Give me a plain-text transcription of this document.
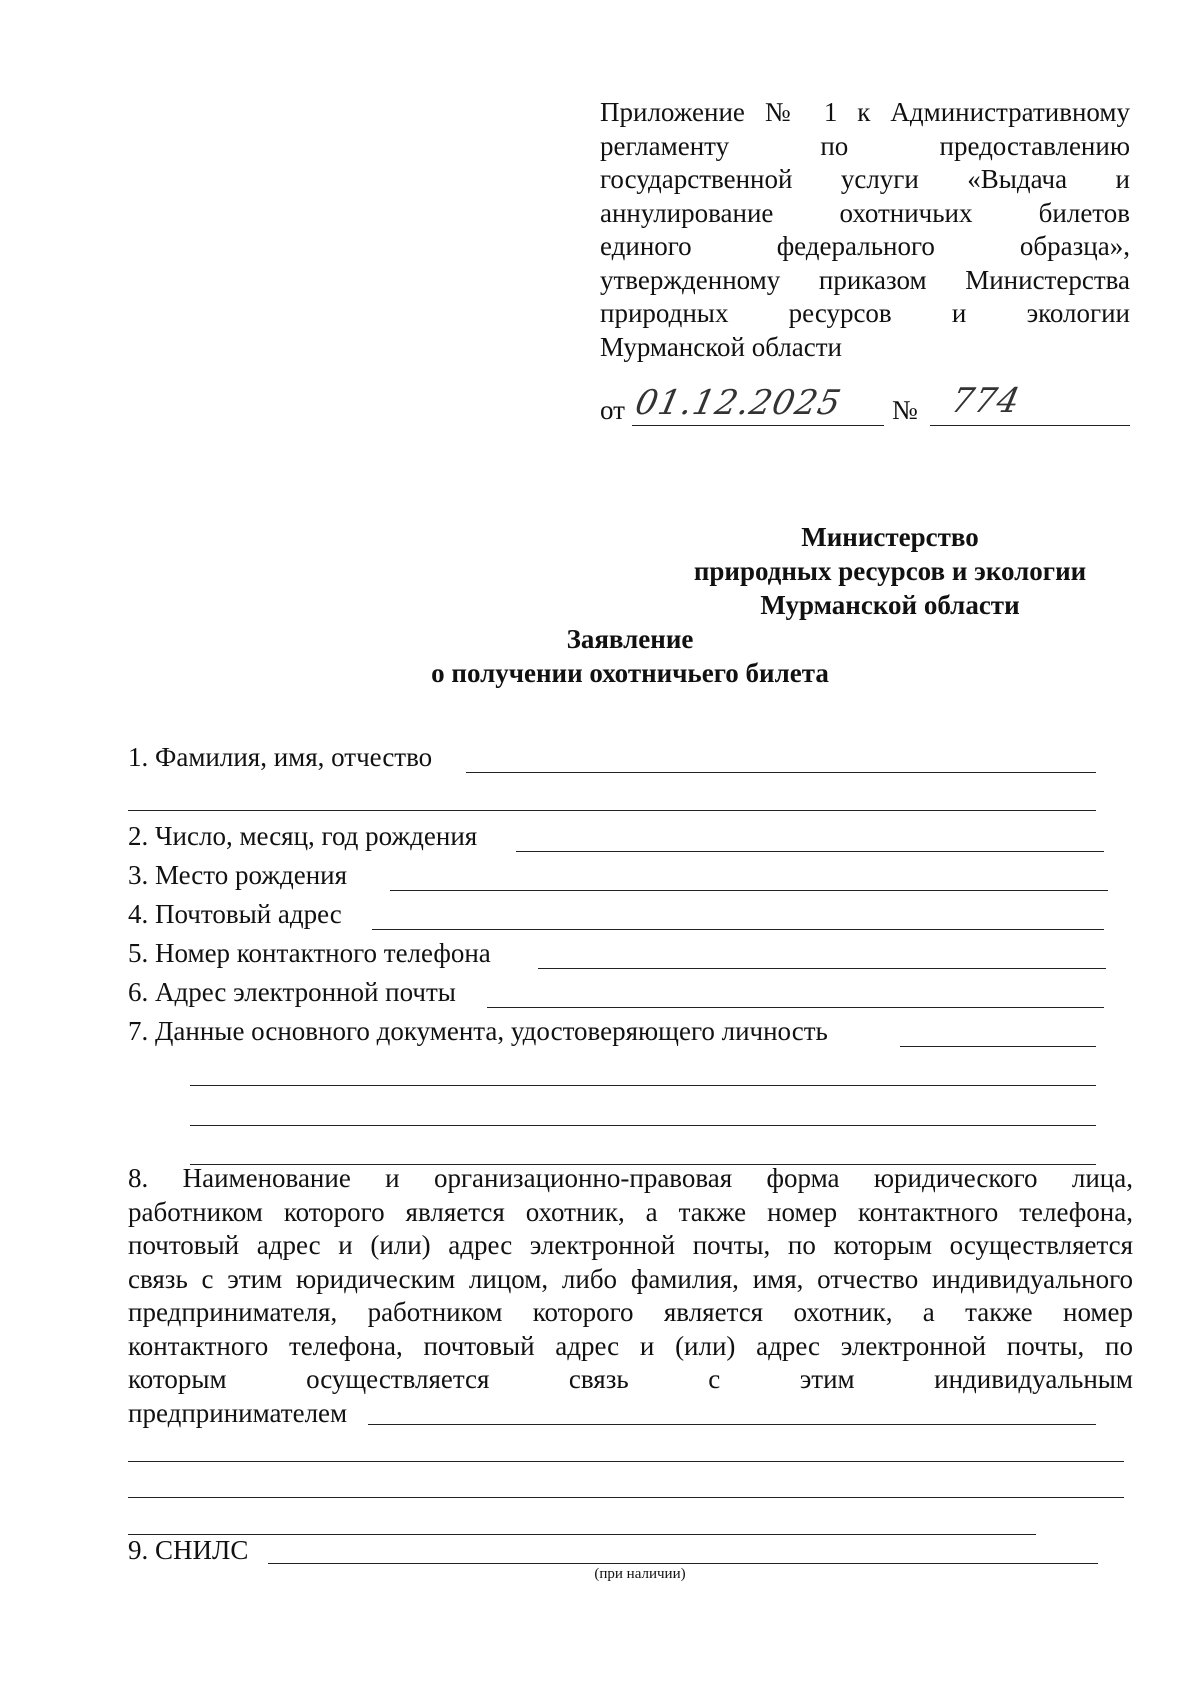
Приложение № 1 к Административному
регламенту по предоставлению
государственной услуги «Выдача и
аннулирование охотничьих билетов
единого федерального образца»,
утвержденному приказом Министерства
природных ресурсов и экологии
Мурманской области
от 01.12.2025 № 774
Министерство
природных ресурсов и экологии
Мурманской области
Заявление
о получении охотничьего билета
1. Фамилия, имя, отчество
2. Число, месяц, год рождения
3. Место рождения
4. Почтовый адрес
5. Номер контактного телефона
6. Адрес электронной почты
7. Данные основного документа, удостоверяющего личность
8. Наименование и организационно-правовая форма юридического лица,
работником которого является охотник, а также номер контактного телефона,
почтовый адрес и (или) адрес электронной почты, по которым осуществляется
связь с этим юридическим лицом, либо фамилия, имя, отчество индивидуального
предпринимателя, работником которого является охотник, а также номер
контактного телефона, почтовый адрес и (или) адрес электронной почты, по
которым осуществляется связь с этим индивидуальным
предпринимателем
9. СНИЛС
(при наличии)
